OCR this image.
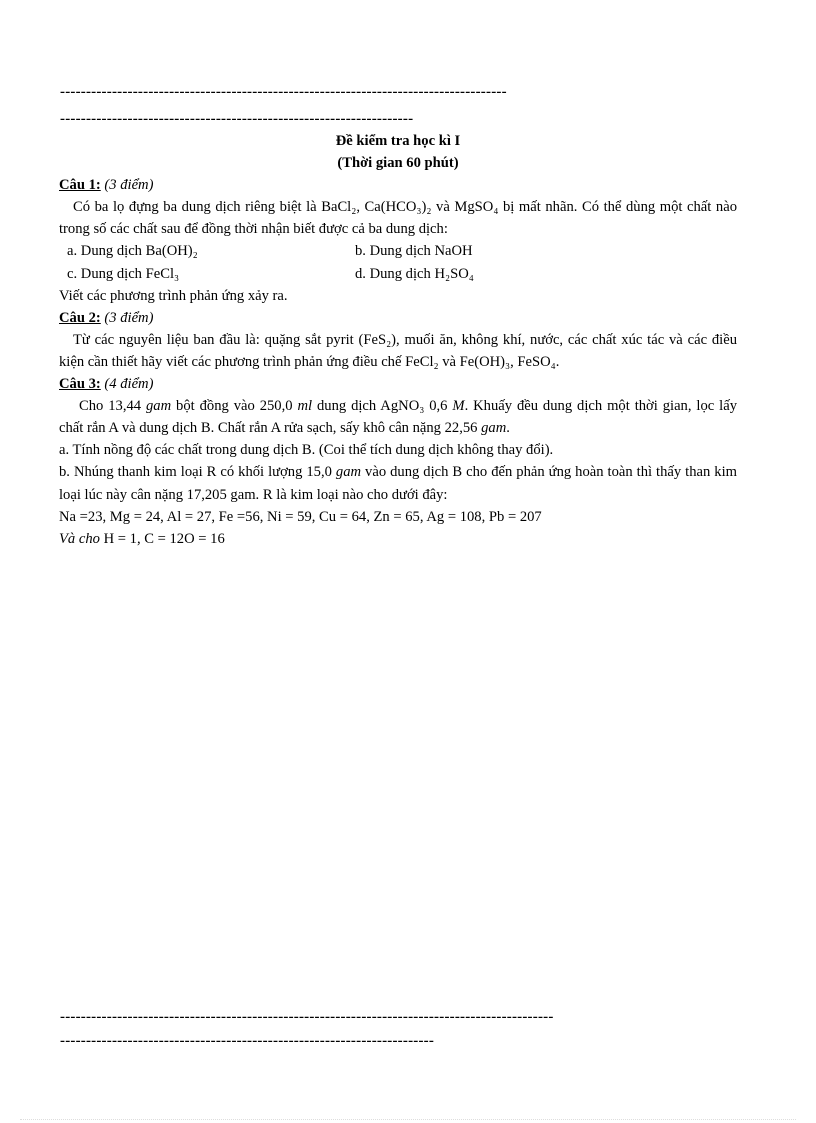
--------------------------------------------------------------------------------------
--------------------------------------------------------------------

Đề kiểm tra học kì I

(Thời gian 60 phút)

Câu 1: (3 điểm)

Có ba lọ đựng ba dung dịch riêng biệt là BaCl₂, Ca(HCO₃)₂ và MgSO₄ bị mất nhãn. Có thể dùng một chất nào trong số các chất sau để đồng thời nhận biết được cả ba dung dịch:

a. Dung dịch Ba(OH)₂	b. Dung dịch NaOH
c. Dung dịch FeCl₃	d. Dung dịch H₂SO₄

Viết các phương trình phản ứng xảy ra.

Câu 2: (3 điểm)

Từ các nguyên liệu ban đầu là: quặng sắt pyrit (FeS₂), muối ăn, không khí, nước, các chất xúc tác và các điều kiện cần thiết hãy viết các phương trình phản ứng điều chế FeCl₂ và Fe(OH)₃, FeSO₄.

Câu 3: (4 điểm)

Cho 13,44 gam bột đồng vào 250,0 ml dung dịch AgNO₃ 0,6 M. Khuấy đều dung dịch một thời gian, lọc lấy chất rắn A và dung dịch B. Chất rắn A rửa sạch, sấy khô cân nặng 22,56 gam.

a. Tính nồng độ các chất trong dung dịch B. (Coi thể tích dung dịch không thay đổi).

b. Nhúng thanh kim loại R có khối lượng 15,0 gam vào dung dịch B cho đến phản ứng hoàn toàn thì thấy than kim loại lúc này cân nặng 17,205 gam. R là kim loại nào cho dưới đây:

Na =23, Mg = 24, Al = 27, Fe =56, Ni = 59, Cu = 64, Zn = 65, Ag = 108, Pb = 207

Và cho H = 1, C = 12O = 16

-----------------------------------------------------------------------------------------------
------------------------------------------------------------------------
